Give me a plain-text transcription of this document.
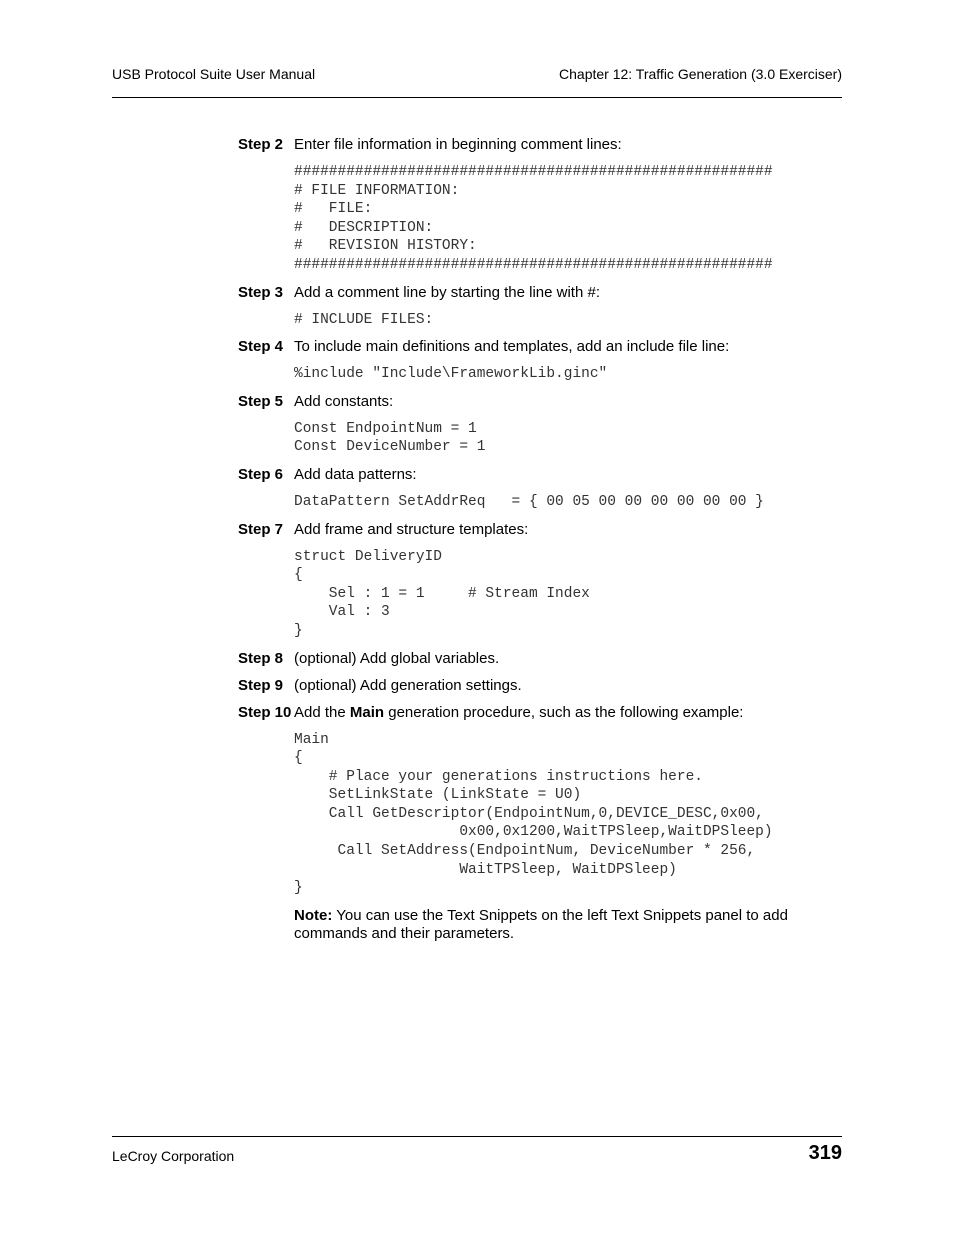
USB Protocol Suite User Manual	Chapter 12: Traffic Generation (3.0 Exerciser)
Step 2 Enter file information in beginning comment lines:
#######################################################
# FILE INFORMATION:
#   FILE:
#   DESCRIPTION:
#   REVISION HISTORY:
#######################################################
Step 3 Add a comment line by starting the line with #:
# INCLUDE FILES:
Step 4 To include main definitions and templates, add an include file line:
%include "Include\FrameworkLib.ginc"
Step 5 Add constants:
Const EndpointNum = 1
Const DeviceNumber = 1
Step 6 Add data patterns:
DataPattern SetAddrReq   = { 00 05 00 00 00 00 00 00 }
Step 7 Add frame and structure templates:
struct DeliveryID
{
Sel : 1 = 1     # Stream Index
Val : 3
}
Step 8 (optional) Add global variables.
Step 9 (optional) Add generation settings.
Step 10 Add the Main generation procedure, such as the following example:
Main
{
# Place your generations instructions here.
SetLinkState (LinkState = U0)
Call GetDescriptor(EndpointNum,0,DEVICE_DESC,0x00,
0x00,0x1200,WaitTPSleep,WaitDPSleep)
Call SetAddress(EndpointNum, DeviceNumber * 256,
WaitTPSleep, WaitDPSleep)
}

Note: You can use the Text Snippets on the left Text Snippets panel to add commands and their parameters.

LeCroy Corporation	319
